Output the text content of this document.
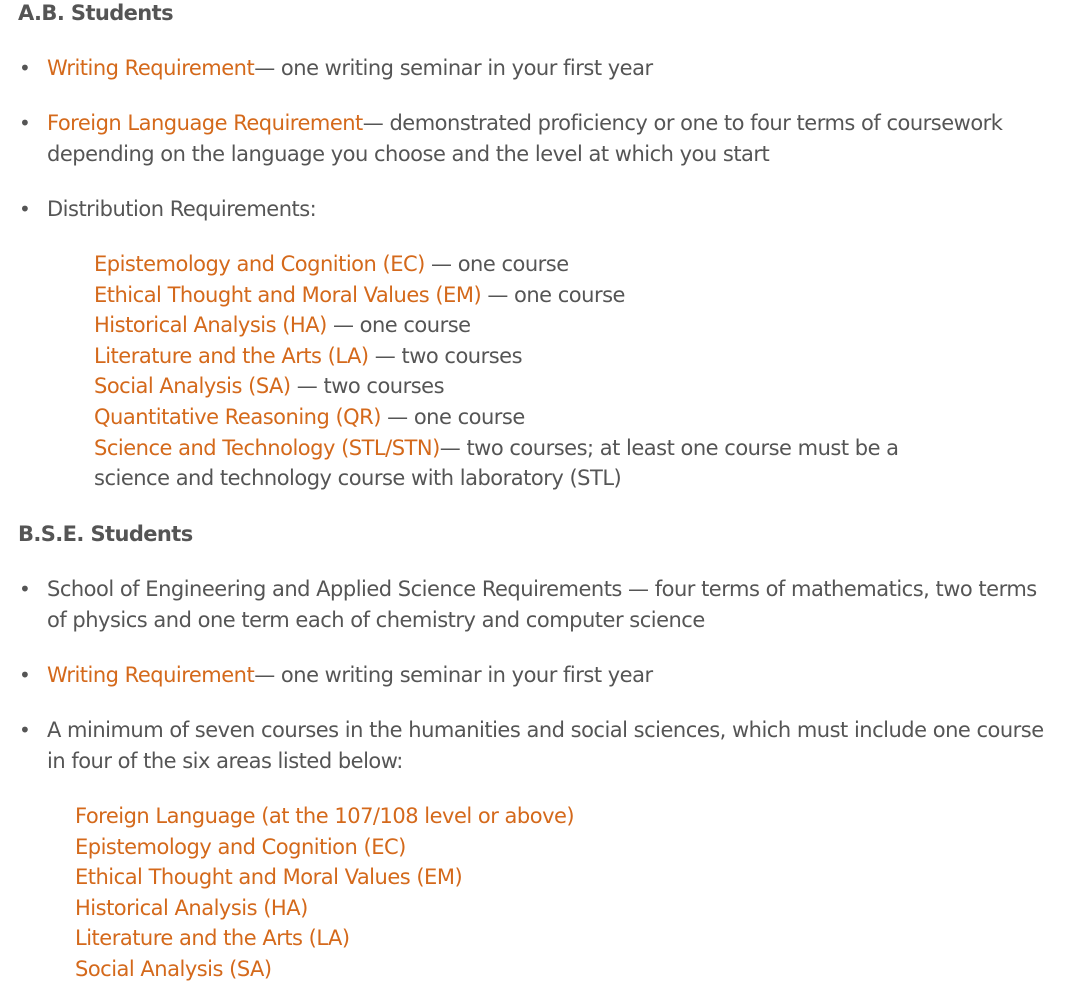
A.B. Students
• Writing Requirement— one writing seminar in your first year
• Foreign Language Requirement— demonstrated proficiency or one to four terms of coursework depending on the language you choose and the level at which you start
• Distribution Requirements:
Epistemology and Cognition (EC) — one course
Ethical Thought and Moral Values (EM) — one course
Historical Analysis (HA) — one course
Literature and the Arts (LA) — two courses
Social Analysis (SA) — two courses
Quantitative Reasoning (QR) — one course
Science and Technology (STL/STN)— two courses; at least one course must be a science and technology course with laboratory (STL)
B.S.E. Students
• School of Engineering and Applied Science Requirements — four terms of mathematics, two terms of physics and one term each of chemistry and computer science
• Writing Requirement— one writing seminar in your first year
• A minimum of seven courses in the humanities and social sciences, which must include one course in four of the six areas listed below:
Foreign Language (at the 107/108 level or above)
Epistemology and Cognition (EC)
Ethical Thought and Moral Values (EM)
Historical Analysis (HA)
Literature and the Arts (LA)
Social Analysis (SA)
